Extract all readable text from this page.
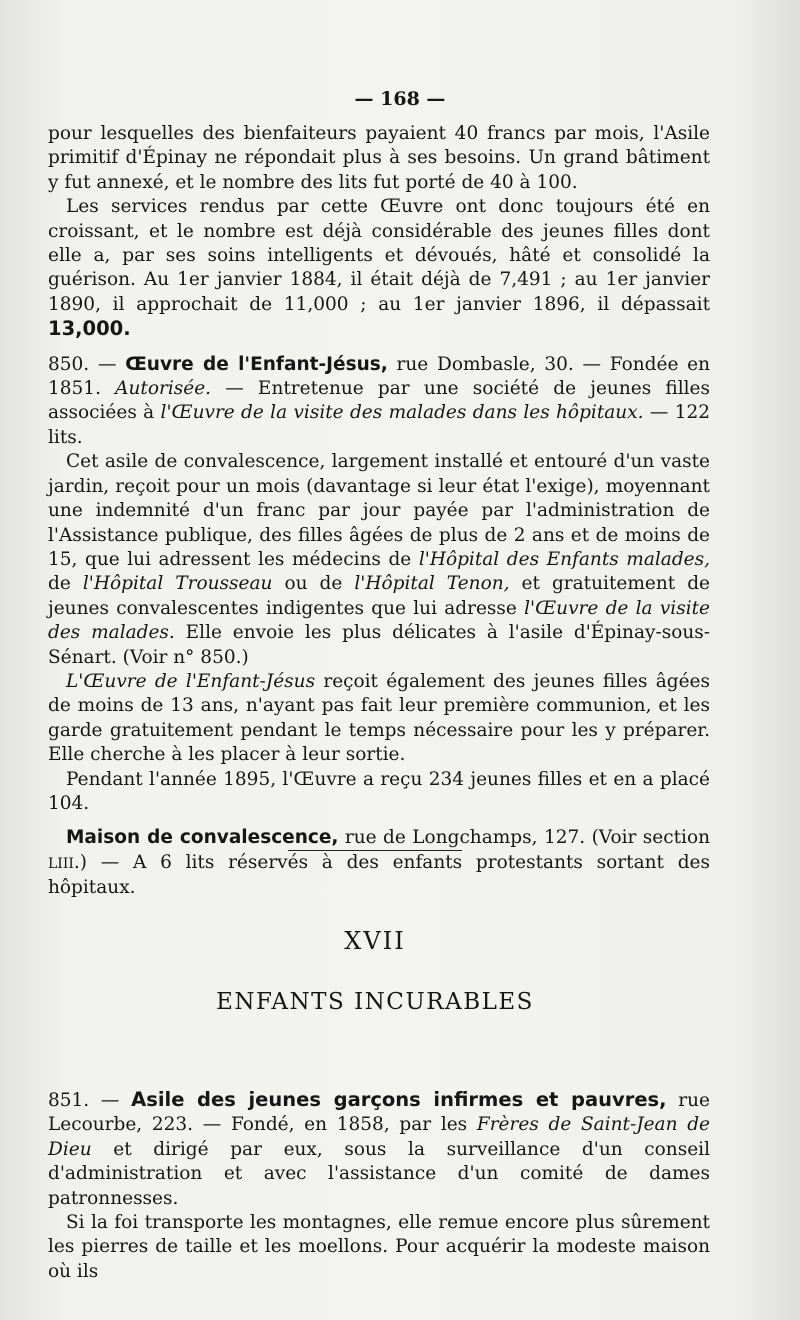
— 168 —

pour lesquelles des bienfaiteurs payaient 40 francs par mois, l'Asile primitif d'Épinay ne répondait plus à ses besoins. Un grand bâtiment y fut annexé, et le nombre des lits fut porté de 40 à 100.

Les services rendus par cette Œuvre ont donc toujours été en croissant, et le nombre est déjà considérable des jeunes filles dont elle a, par ses soins intelligents et dévoués, hâté et consolidé la guérison. Au 1er janvier 1884, il était déjà de 7,491 ; au 1er janvier 1890, il approchait de 11,000 ; au 1er janvier 1896, il dépassait 13,000.

850. — Œuvre de l'Enfant-Jésus, rue Dombasle, 30. — Fondée en 1851. Autorisée. — Entretenue par une société de jeunes filles associées à l'Œuvre de la visite des malades dans les hôpitaux. — 122 lits.

Cet asile de convalescence, largement installé et entouré d'un vaste jardin, reçoit pour un mois (davantage si leur état l'exige), moyennant une indemnité d'un franc par jour payée par l'administration de l'Assistance publique, des filles âgées de plus de 2 ans et de moins de 15, que lui adressent les médecins de l'Hôpital des Enfants malades, de l'Hôpital Trousseau ou de l'Hôpital Tenon, et gratuitement de jeunes convalescentes indigentes que lui adresse l'Œuvre de la visite des malades. Elle envoie les plus délicates à l'asile d'Épinay-sous-Sénart. (Voir n° 850.)

L'Œuvre de l'Enfant-Jésus reçoit également des jeunes filles âgées de moins de 13 ans, n'ayant pas fait leur première communion, et les garde gratuitement pendant le temps nécessaire pour les y préparer. Elle cherche à les placer à leur sortie.

Pendant l'année 1895, l'Œuvre a reçu 234 jeunes filles et en a placé 104.

Maison de convalescence, rue de Longchamps, 127. (Voir section LIII.) — A 6 lits réservés à des enfants protestants sortant des hôpitaux.

XVII
ENFANTS INCURABLES

851. — Asile des jeunes garçons infirmes et pauvres, rue Lecourbe, 223. — Fondé, en 1858, par les Frères de Saint-Jean de Dieu et dirigé par eux, sous la surveillance d'un conseil d'administration et avec l'assistance d'un comité de dames patronnesses.

Si la foi transporte les montagnes, elle remue encore plus sûrement les pierres de taille et les moellons. Pour acquérir la modeste maison où ils
